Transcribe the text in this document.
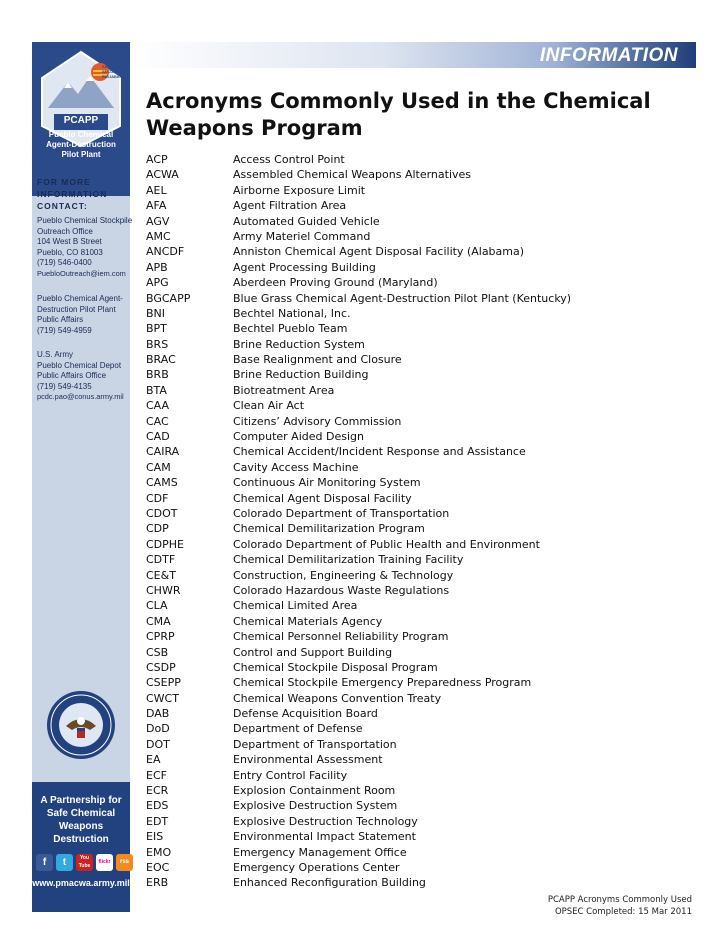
SAFETY
SECURITY
RELIABILITY
PCAPP
Pueblo Chemical Agent-Destruction Pilot Plant
FOR MORE INFORMATION CONTACT:
Pueblo Chemical Stockpile
Outreach Office
104 West B Street
Pueblo, CO 81003
(719) 546-0400
PuebloOutreach@iem.com
Pueblo Chemical Agent-
Destruction Pilot Plant
Public Affairs
(719) 549-4959
U.S. Army
Pueblo Chemical Depot
Public Affairs Office
(719) 549-4135
pcdc.pao@conus.army.mil
A Partnership for Safe Chemical Weapons Destruction
f	t	You Tube
flickr	rss
www.pmacwa.army.mil
INFORMATION
Acronyms Commonly Used in the Chemical Weapons Program
ACP	Access Control Point
ACWA	Assembled Chemical Weapons Alternatives
AEL	Airborne Exposure Limit
AFA	Agent Filtration Area
AGV	Automated Guided Vehicle
AMC	Army Materiel Command
ANCDF	Anniston Chemical Agent Disposal Facility (Alabama)
APB	Agent Processing Building
APG	Aberdeen Proving Ground (Maryland)
BGCAPP	Blue Grass Chemical Agent-Destruction Pilot Plant (Kentucky)
BNI	Bechtel National, Inc.
BPT	Bechtel Pueblo Team
BRS	Brine Reduction System
BRAC	Base Realignment and Closure
BRB	Brine Reduction Building
BTA	Biotreatment Area
CAA	Clean Air Act
CAC	Citizens’ Advisory Commission
CAD	Computer Aided Design
CAIRA	Chemical Accident/Incident Response and Assistance
CAM	Cavity Access Machine
CAMS	Continuous Air Monitoring System
CDF	Chemical Agent Disposal Facility
CDOT	Colorado Department of Transportation
CDP	Chemical Demilitarization Program
CDPHE	Colorado Department of Public Health and Environment
CDTF	Chemical Demilitarization Training Facility
CE&T	Construction, Engineering & Technology
CHWR	Colorado Hazardous Waste Regulations
CLA	Chemical Limited Area
CMA	Chemical Materials Agency
CPRP	Chemical Personnel Reliability Program
CSB	Control and Support Building
CSDP	Chemical Stockpile Disposal Program
CSEPP	Chemical Stockpile Emergency Preparedness Program
CWCT	Chemical Weapons Convention Treaty
DAB	Defense Acquisition Board
DoD	Department of Defense
DOT	Department of Transportation
EA	Environmental Assessment
ECF	Entry Control Facility
ECR	Explosion Containment Room
EDS	Explosive Destruction System
EDT	Explosive Destruction Technology
EIS	Environmental Impact Statement
EMO	Emergency Management Office
EOC	Emergency Operations Center
ERB	Enhanced Reconfiguration Building
PCAPP Acronyms Commonly Used
OPSEC Completed: 15 Mar 2011
